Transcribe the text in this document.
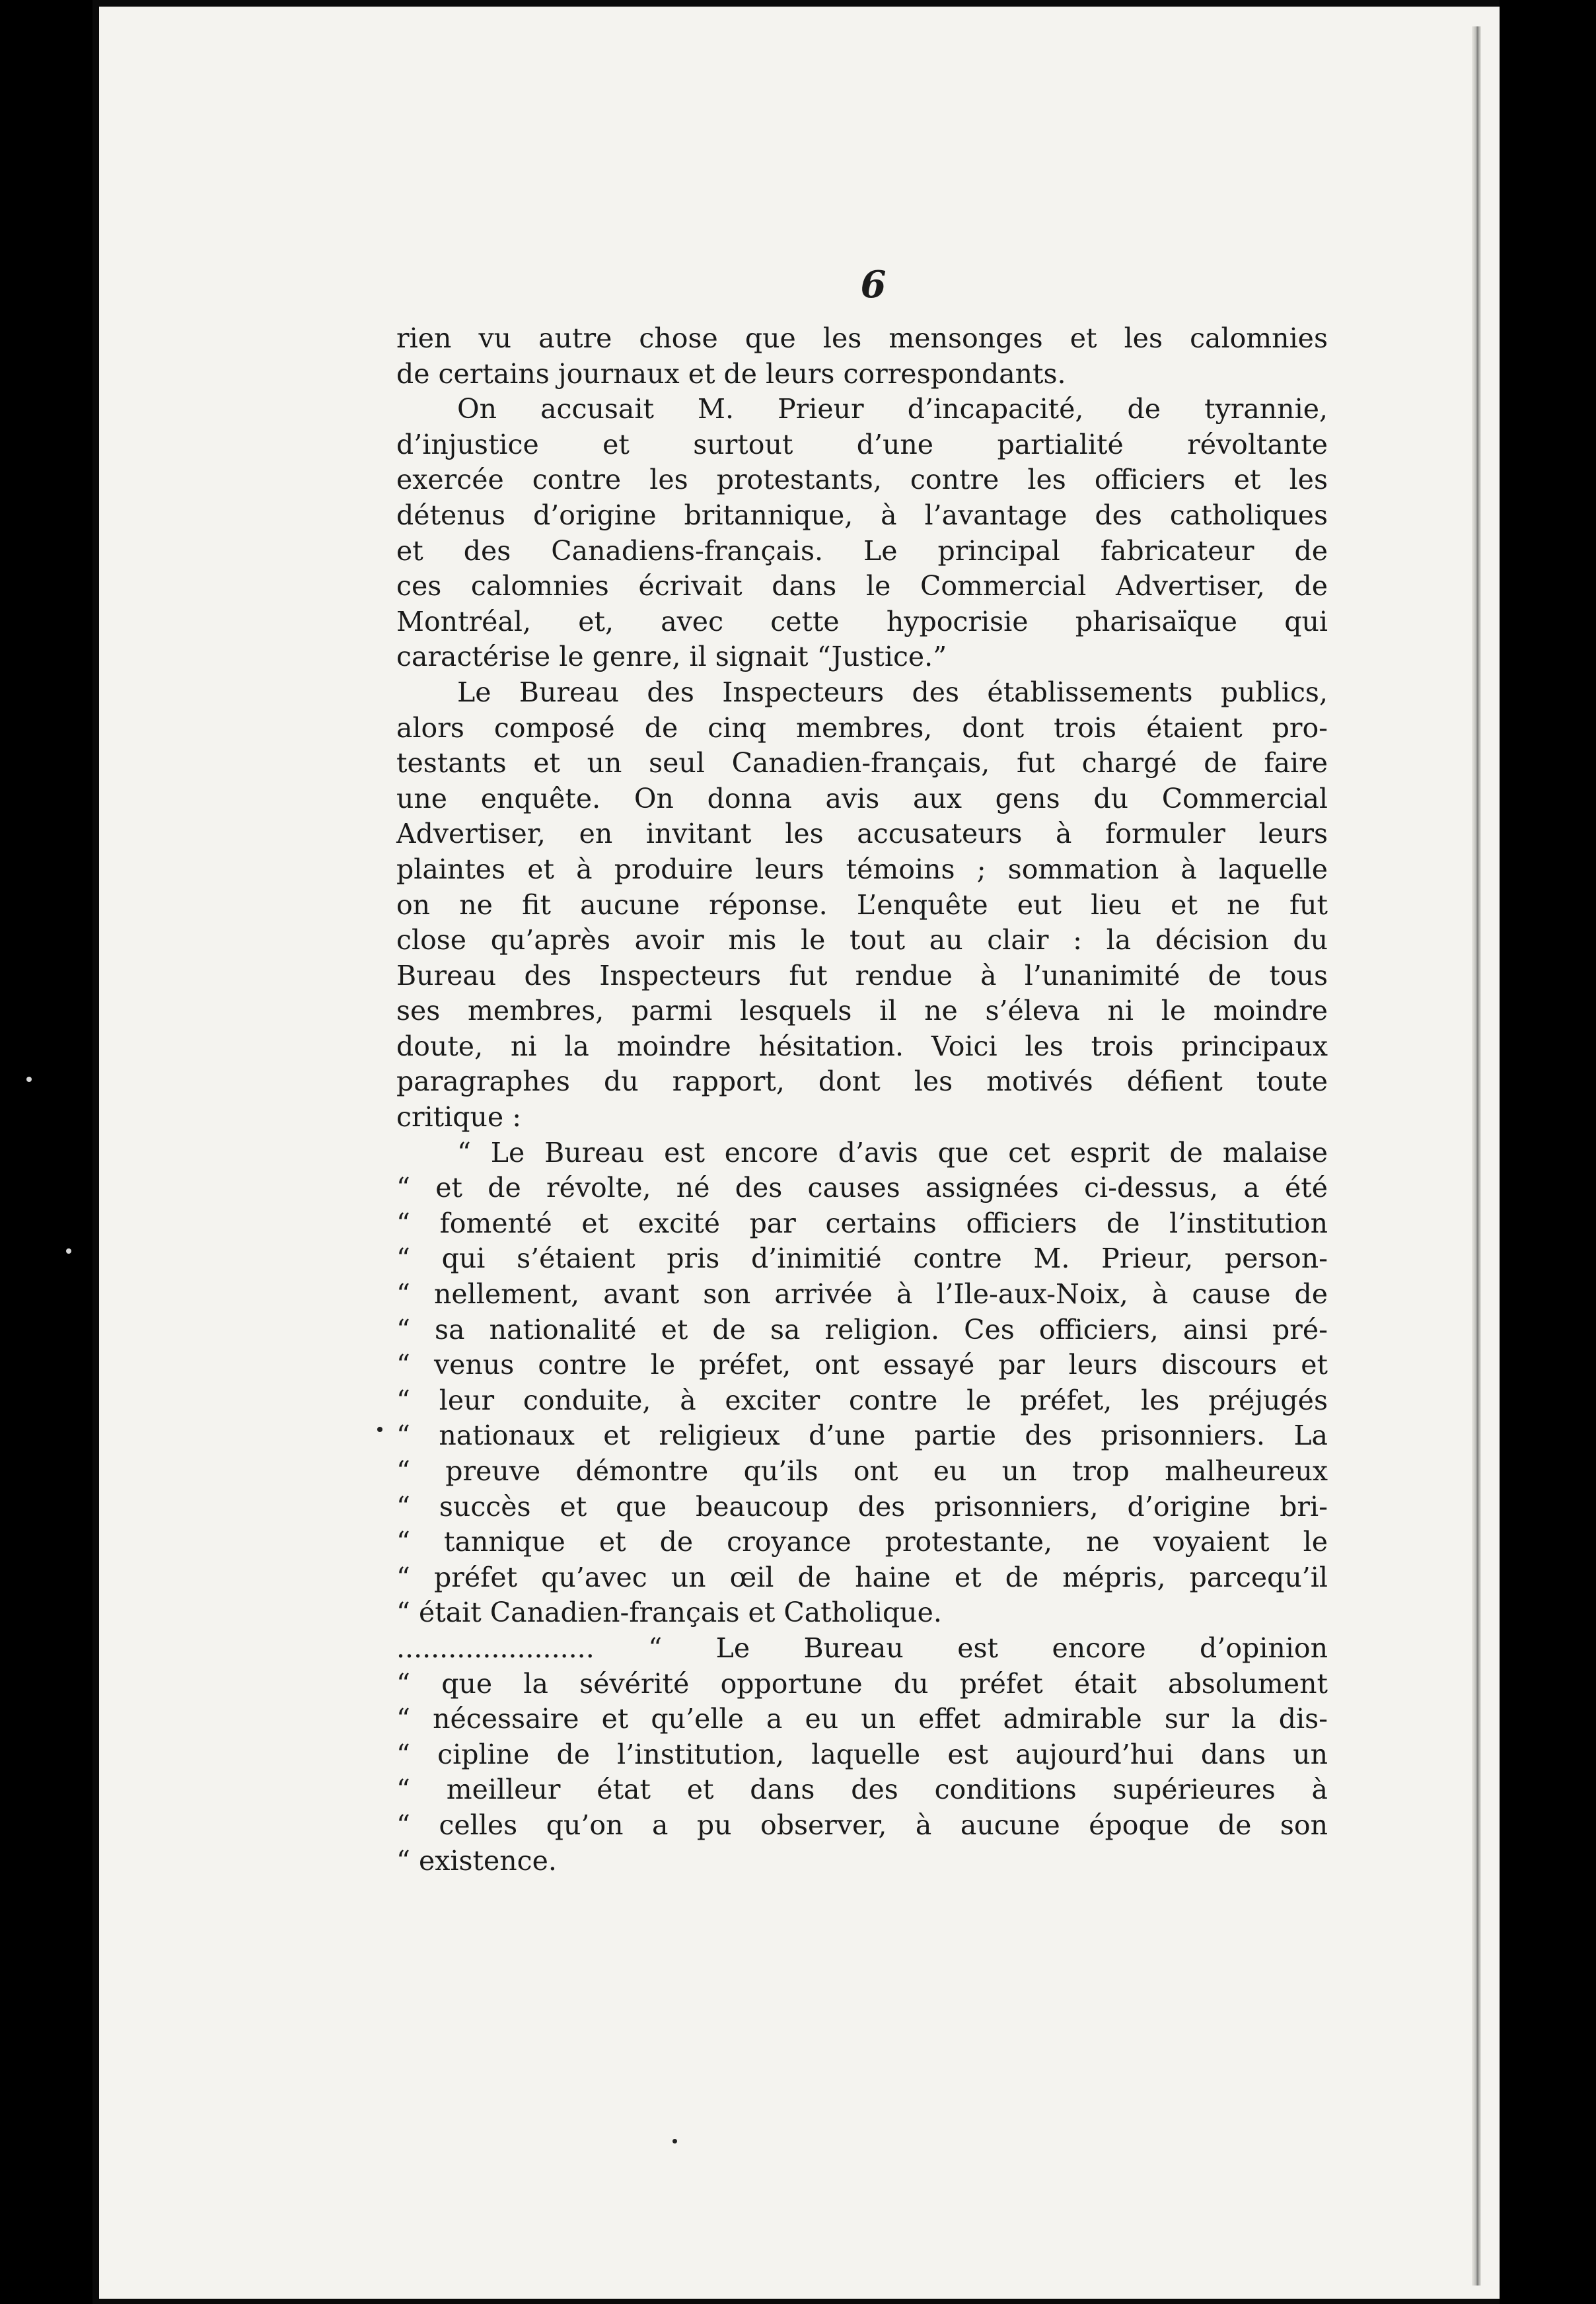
6
rien vu autre chose que les mensonges et les calomnies
de certains journaux et de leurs correspondants.
On accusait M. Prieur d’incapacité, de tyrannie,
d’injustice et surtout d’une partialité révoltante
exercée contre les protestants, contre les officiers et les
détenus d’origine britannique, à l’avantage des catholiques
et des Canadiens-français. Le principal fabricateur de
ces calomnies écrivait dans le Commercial Advertiser, de
Montréal, et, avec cette hypocrisie pharisaïque qui
caractérise le genre, il signait “Justice.”
Le Bureau des Inspecteurs des établissements publics,
alors composé de cinq membres, dont trois étaient pro-
testants et un seul Canadien-français, fut chargé de faire
une enquête. On donna avis aux gens du Commercial
Advertiser, en invitant les accusateurs à formuler leurs
plaintes et à produire leurs témoins ; sommation à laquelle
on ne fit aucune réponse. L’enquête eut lieu et ne fut
close qu’après avoir mis le tout au clair : la décision du
Bureau des Inspecteurs fut rendue à l’unanimité de tous
ses membres, parmi lesquels il ne s’éleva ni le moindre
doute, ni la moindre hésitation. Voici les trois principaux
paragraphes du rapport, dont les motivés défient toute
critique :
“ Le Bureau est encore d’avis que cet esprit de malaise
“ et de révolte, né des causes assignées ci-dessus, a été
“ fomenté et excité par certains officiers de l’institution
“ qui s’étaient pris d’inimitié contre M. Prieur, person-
“ nellement, avant son arrivée à l’Ile-aux-Noix, à cause de
“ sa nationalité et de sa religion. Ces officiers, ainsi pré-
“ venus contre le préfet, ont essayé par leurs discours et
“ leur conduite, à exciter contre le préfet, les préjugés
“ nationaux et religieux d’une partie des prisonniers. La
“ preuve démontre qu’ils ont eu un trop malheureux
“ succès et que beaucoup des prisonniers, d’origine bri-
“ tannique et de croyance protestante, ne voyaient le
“ préfet qu’avec un œil de haine et de mépris, parcequ’il
“ était Canadien-français et Catholique.
....................... “ Le Bureau est encore d’opinion
“ que la sévérité opportune du préfet était absolument
“ nécessaire et qu’elle a eu un effet admirable sur la dis-
“ cipline de l’institution, laquelle est aujourd’hui dans un
“ meilleur état et dans des conditions supérieures à
“ celles qu’on a pu observer, à aucune époque de son
“ existence.
